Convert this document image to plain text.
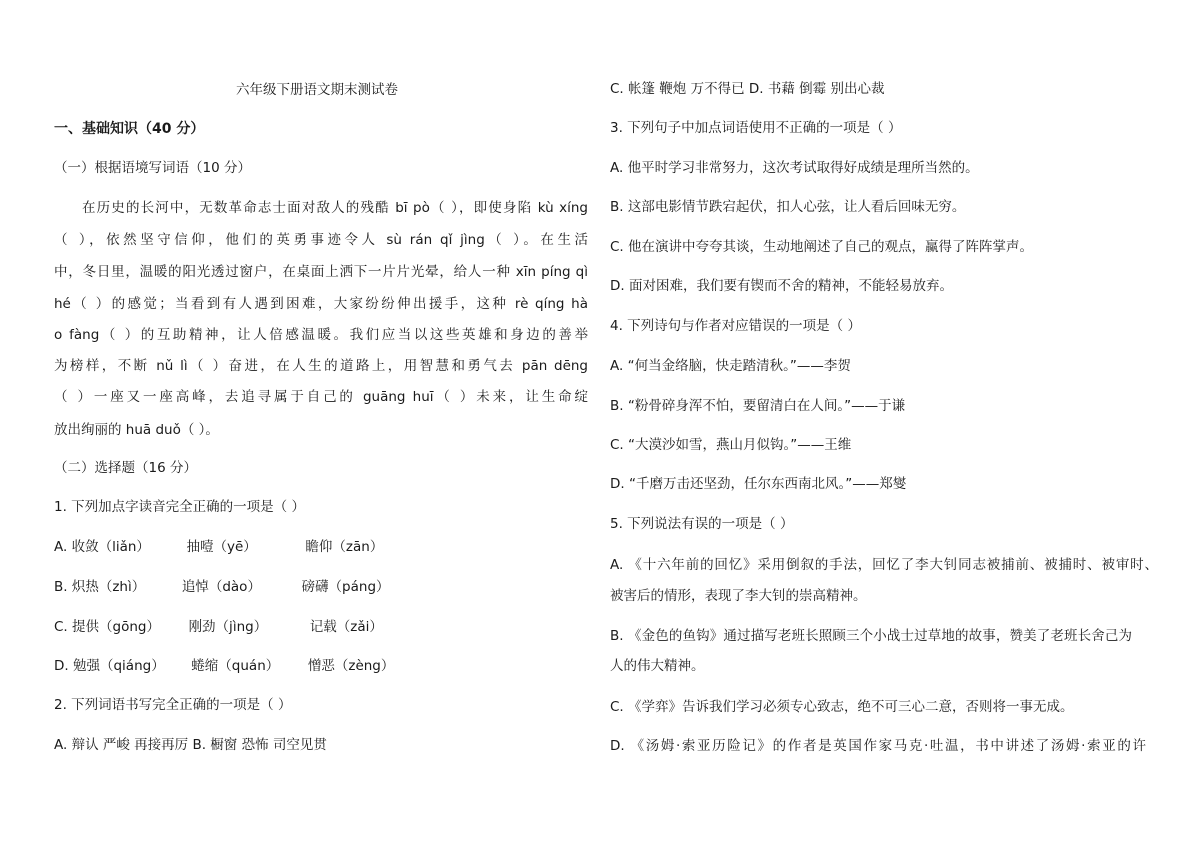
六年级下册语文期末测试卷
一、基础知识（40 分）
（一）根据语境写词语（10 分）
在历史的长河中，无数革命志士面对敌人的残酷 bī pò（ ），即使身陷 kù xíng
（ ），依然坚守信仰，他们的英勇事迹令人 sù rán qǐ jìng（ ）。在生活
中，冬日里，温暖的阳光透过窗户，在桌面上洒下一片片光晕，给人一种 xīn píng qì
hé（ ）的感觉；当看到有人遇到困难，大家纷纷伸出援手，这种 rè qíng hà
o fàng（ ）的互助精神，让人倍感温暖。我们应当以这些英雄和身边的善举
为榜样，不断 nǔ lì（ ）奋进，在人生的道路上，用智慧和勇气去 pān dēng
（ ）一座又一座高峰，去追寻属于自己的 guāng huī（ ）未来，让生命绽
放出绚丽的 huā duǒ（ ）。
（二）选择题（16 分）
1. 下列加点字读音完全正确的一项是（ ）
A. 收敛（liǎn）	抽噎（yē）	瞻仰（zān）
B. 炽热（zhì）	追悼（dào）	磅礴（páng）
C. 提供（gōng） 刚劲（jìng）	记载（zǎi）
D. 勉强（qiáng） 蜷缩（quán） 憎恶（zèng）
2. 下列词语书写完全正确的一项是（ ）
A. 辩认 严峻 再接再厉 B. 橱窗 恐怖 司空见贯
C. 帐篷 鞭炮 万不得已 D. 书藉 倒霉 别出心裁
3. 下列句子中加点词语使用不正确的一项是（ ）
A. 他平时学习非常努力，这次考试取得好成绩是理所当然的。
B. 这部电影情节跌宕起伏，扣人心弦，让人看后回味无穷。
C. 他在演讲中夸夸其谈，生动地阐述了自己的观点，赢得了阵阵掌声。
D. 面对困难，我们要有锲而不舍的精神，不能轻易放弃。
4. 下列诗句与作者对应错误的一项是（ ）
A. “何当金络脑，快走踏清秋。”——李贺
B. “粉骨碎身浑不怕，要留清白在人间。”——于谦
C. “大漠沙如雪，燕山月似钩。”——王维
D. “千磨万击还坚劲，任尔东西南北风。”——郑燮
5. 下列说法有误的一项是（ ）
A. 《十六年前的回忆》采用倒叙的手法，回忆了李大钊同志被捕前、被捕时、被审时、
被害后的情形，表现了李大钊的崇高精神。
B. 《金色的鱼钩》通过描写老班长照顾三个小战士过草地的故事，赞美了老班长舍己为
人的伟大精神。
C. 《学弈》告诉我们学习必须专心致志，绝不可三心二意，否则将一事无成。
D. 《汤姆·索亚历险记》的作者是英国作家马克·吐温，书中讲述了汤姆·索亚的许
